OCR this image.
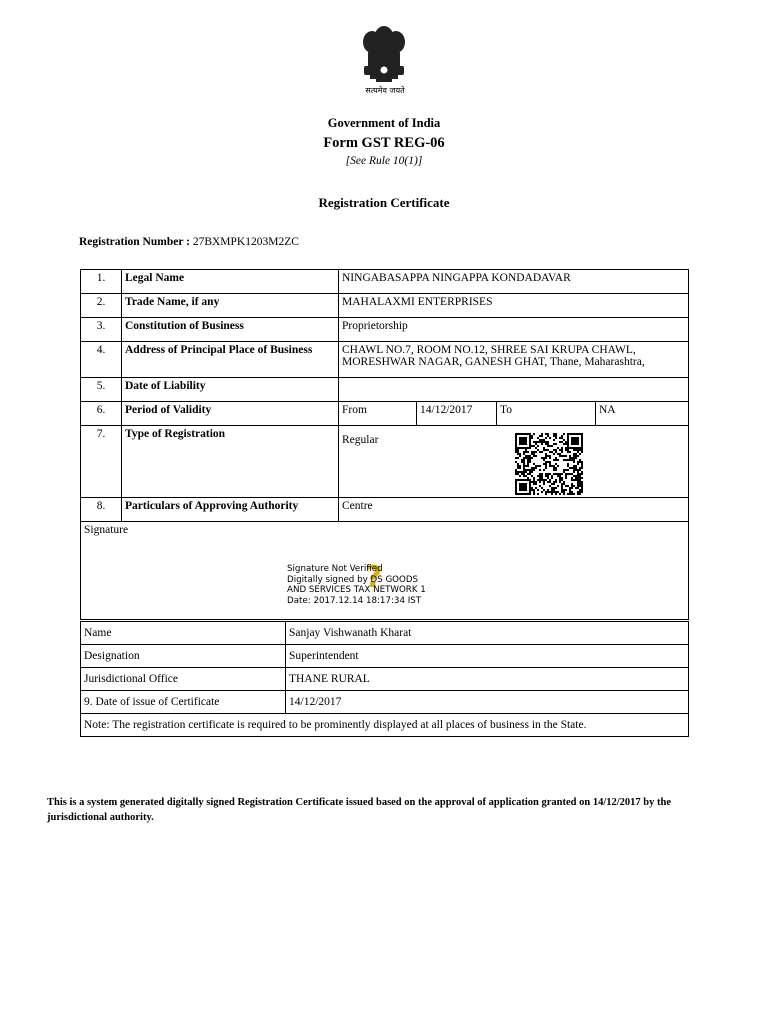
सत्यमेव जयते
Government of India
Form GST REG-06
[See Rule 10(1)]
Registration Certificate
Registration Number : 27BXMPK1203M2ZC
1.	Legal Name	NINGABASAPPA NINGAPPA KONDADAVAR			
2.	Trade Name, if any	MAHALAXMI ENTERPRISES			
3.	Constitution of Business	Proprietorship			
4.	Address of Principal Place of Business	CHAWL NO.7, ROOM NO.12, SHREE SAI KRUPA CHAWL, MORESHWAR NAGAR, GANESH GHAT, Thane, Maharashtra,			
5.	Date of Liability				
6.	Period of Validity	From	14/12/2017	To	NA
7.	Type of Registration	Regular			

8.	Particulars of Approving Authority	Centre			
Signature					
?
Signature Not Verified
Digitally signed by DS GOODS
AND SERVICES TAX NETWORK 1
Date: 2017.12.14 18:17:34 IST
Name	Sanjay Vishwanath Kharat
Designation	Superintendent
Jurisdictional Office	THANE RURAL
9. Date of issue of Certificate	14/12/2017
Note: The registration certificate is required to be prominently displayed at all places of business in the State.	
This is a system generated digitally signed Registration Certificate issued based on the approval of application granted on 14/12/2017 by the jurisdictional authority.
